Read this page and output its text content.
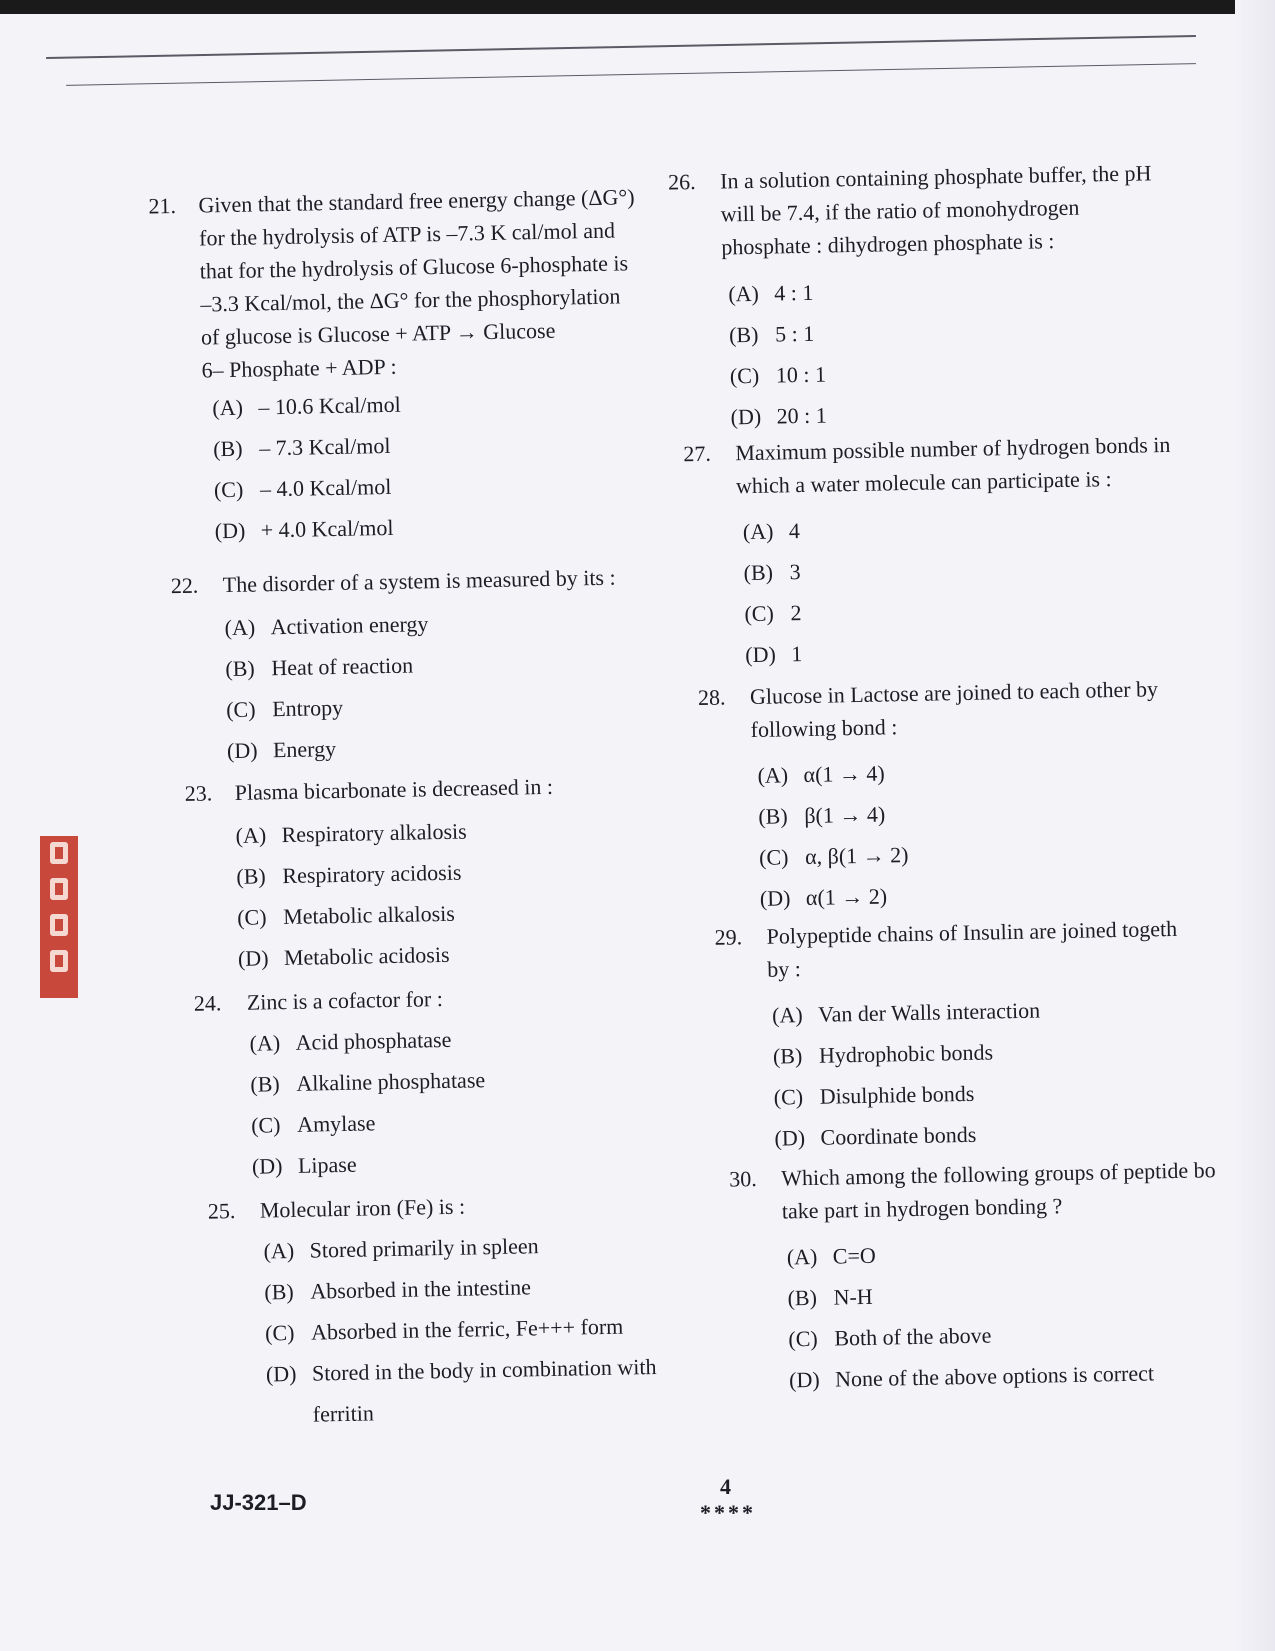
21. Given that the standard free energy change (ΔG°)
for the hydrolysis of ATP is –7.3 K cal/mol and
that for the hydrolysis of Glucose 6-phosphate is
–3.3 Kcal/mol, the ΔG° for the phosphorylation
of glucose is Glucose + ATP → Glucose
6– Phosphate + ADP :
(A) – 10.6 Kcal/mol
(B) – 7.3 Kcal/mol
(C) – 4.0 Kcal/mol
(D) + 4.0 Kcal/mol
22. The disorder of a system is measured by its :
(A) Activation energy
(B) Heat of reaction
(C) Entropy
(D) Energy
23. Plasma bicarbonate is decreased in :
(A) Respiratory alkalosis
(B) Respiratory acidosis
(C) Metabolic alkalosis
(D) Metabolic acidosis
24. Zinc is a cofactor for :
(A) Acid phosphatase
(B) Alkaline phosphatase
(C) Amylase
(D) Lipase
25. Molecular iron (Fe) is :
(A) Stored primarily in spleen
(B) Absorbed in the intestine
(C) Absorbed in the ferric, Fe+++ form
(D) Stored in the body in combination with
ferritin
26. In a solution containing phosphate buffer, the pH
will be 7.4, if the ratio of monohydrogen
phosphate : dihydrogen phosphate is :
(A) 4 : 1
(B) 5 : 1
(C) 10 : 1
(D) 20 : 1
27. Maximum possible number of hydrogen bonds in
which a water molecule can participate is :
(A) 4
(B) 3
(C) 2
(D) 1
28. Glucose in Lactose are joined to each other by
following bond :
(A) α(1 → 4)
(B) β(1 → 4)
(C) α, β(1 → 2)
(D) α(1 → 2)
29. Polypeptide chains of Insulin are joined togeth
by :
(A) Van der Walls interaction
(B) Hydrophobic bonds
(C) Disulphide bonds
(D) Coordinate bonds
30. Which among the following groups of peptide bo
take part in hydrogen bonding ?
(A) C=O
(B) N-H
(C) Both of the above
(D) None of the above options is correct
4
****
JJ-321–D
